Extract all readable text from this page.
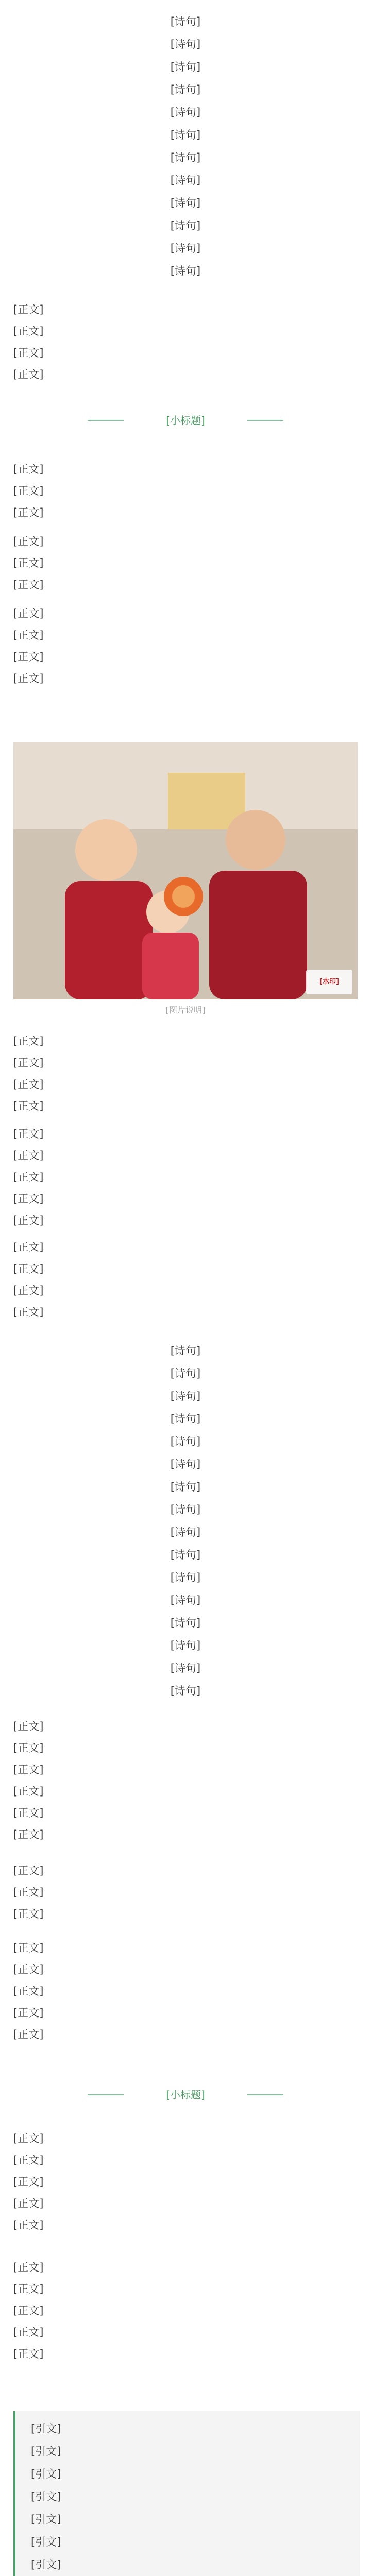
[诗句]
[诗句]
[诗句]
[诗句]
[诗句]
[诗句]
[诗句]
[诗句]
[诗句]
[诗句]
[诗句]
[诗句]
[正文]
[正文]
[正文]
[正文]
[小标题]
[正文]
[正文]
[正文]
[正文]
[正文]
[正文]
[正文]
[正文]
[正文]
[正文]
[水印]
[图片说明]
[正文]
[正文]
[正文]
[正文]
[正文]
[正文]
[正文]
[正文]
[正文]
[正文]
[正文]
[正文]
[正文]
[诗句]
[诗句]
[诗句]
[诗句]
[诗句]
[诗句]
[诗句]
[诗句]
[诗句]
[诗句]
[诗句]
[诗句]
[诗句]
[诗句]
[诗句]
[诗句]
[正文]
[正文]
[正文]
[正文]
[正文]
[正文]
[正文]
[正文]
[正文]
[正文]
[正文]
[正文]
[正文]
[正文]
[小标题]
[正文]
[正文]
[正文]
[正文]
[正文]
[正文]
[正文]
[正文]
[正文]
[正文]
[引文]
[引文]
[引文]
[引文]
[引文]
[引文]
[引文]
